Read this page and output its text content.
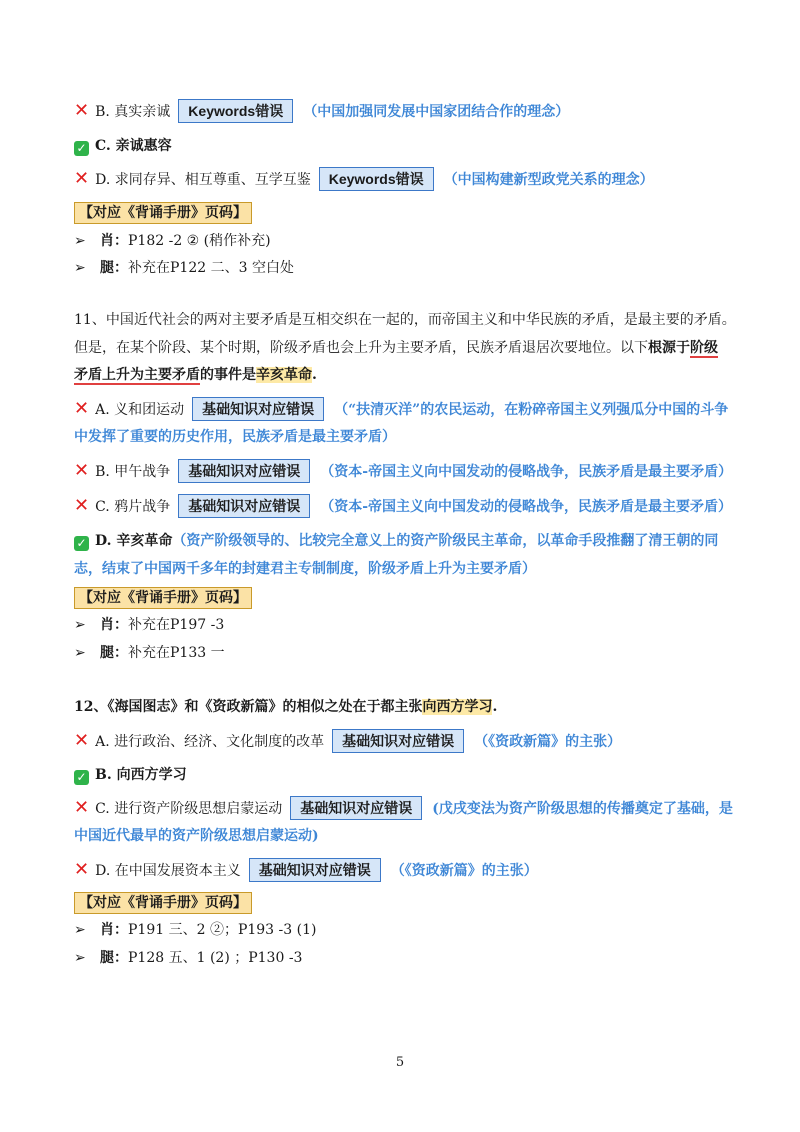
✕ B. 真实亲诚 Keywords错误 （中国加强同发展中国家团结合作的理念）
✓ C. 亲诚惠容
✕ D. 求同存异、相互尊重、互学互鉴 Keywords错误 （中国构建新型政党关系的理念）
【对应《背诵手册》页码】
➢ 肖：P182 -2 ② (稍作补充)
➢ 腿：补充在P122 二、3 空白处
11、中国近代社会的两对主要矛盾是互相交织在一起的，而帝国主义和中华民族的矛盾，是最主要的矛盾。
但是，在某个阶段、某个时期，阶级矛盾也会上升为主要矛盾，民族矛盾退居次要地位。以下根源于阶级
矛盾上升为主要矛盾的事件是辛亥革命.
✕ A. 义和团运动 基础知识对应错误 （“扶清灭洋”的农民运动，在粉碎帝国主义列强瓜分中国的斗争
中发挥了重要的历史作用，民族矛盾是最主要矛盾）
✕ B. 甲午战争 基础知识对应错误 （资本-帝国主义向中国发动的侵略战争，民族矛盾是最主要矛盾）
✕ C. 鸦片战争 基础知识对应错误 （资本-帝国主义向中国发动的侵略战争，民族矛盾是最主要矛盾）
✓ D. 辛亥革命（资产阶级领导的、比较完全意义上的资产阶级民主革命，以革命手段推翻了清王朝的同
志，结束了中国两千多年的封建君主专制制度，阶级矛盾上升为主要矛盾）
【对应《背诵手册》页码】
➢ 肖：补充在P197 -3
➢ 腿：补充在P133 一
12、《海国图志》和《资政新篇》的相似之处在于都主张向西方学习.
✕ A. 进行政治、经济、文化制度的改革 基础知识对应错误 （《资政新篇》的主张）
✓ B. 向西方学习
✕ C. 进行资产阶级思想启蒙运动 基础知识对应错误 (戊戌变法为资产阶级思想的传播奠定了基础，是
中国近代最早的资产阶级思想启蒙运动)
✕ D. 在中国发展资本主义 基础知识对应错误 （《资政新篇》的主张）
【对应《背诵手册》页码】
➢ 肖：P191 三、2 ②；P193 -3 (1)
➢ 腿：P128 五、1 (2) ；P130 -3
5
